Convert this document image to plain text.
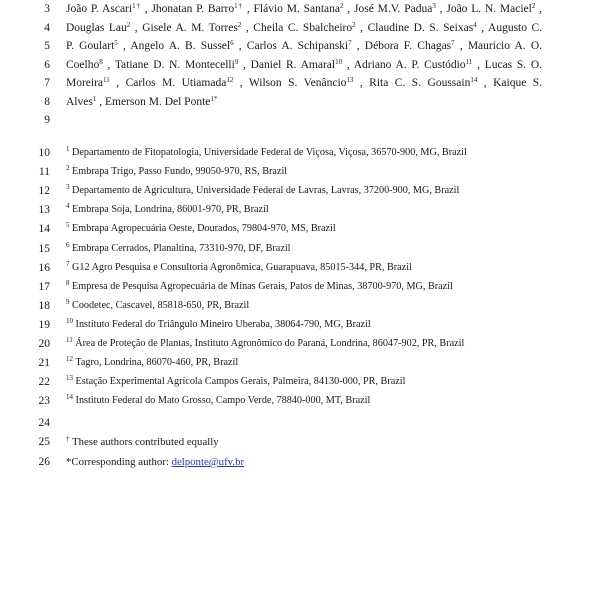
3 João P. Ascari$^{1\dagger}$ , Jhonatan P. Barro$^{1\dagger}$ , Flávio M. Santana$^2$ , José M.V. Padua$^3$ , João L. N. Maciel$^2$ ,
4 Douglas Lau$^2$ , Gisele A. M. Torres$^2$ , Cheila C. Sbalcheiro$^2$ , Claudine D. S. Seixas$^4$ , Augusto C.
5 P. Goulart$^5$ , Angelo A. B. Sussel$^6$ , Carlos A. Schipanski$^7$ , Débora F. Chagas$^7$ , Mauricio A. O.
6 Coelho$^8$ , Tatiane D. N. Montecelli$^9$ , Daniel R. Amaral$^{10}$ , Adriano A. P. Custódio$^{11}$ , Lucas S. O.
7 Moreira$^{11}$ , Carlos M. Utiamada$^{12}$ , Wilson S. Venâncio$^{13}$ , Rita C. S. Goussain$^{14}$ , Kaique S.
8 Alves$^1$ , Emerson M. Del Ponte$^{1*}$
9
24
10 $^1$ Departamento de Fitopatologia, Universidade Federal de Viçosa, Viçosa, 36570-900, MG, Brazil
11 $^2$ Embrapa Trigo, Passo Fundo, 99050-970, RS, Brazil
12 $^3$ Departamento de Agricultura, Universidade Federal de Lavras, Lavras, 37200-900, MG, Brazil
13 $^4$ Embrapa Soja, Londrina, 86001-970, PR, Brazil
14 $^5$ Embrapa Agropecuária Oeste, Dourados, 79804-970, MS, Brazil
15 $^6$ Embrapa Cerrados, Planaltina, 73310-970, DF, Brazil
16 $^7$ G12 Agro Pesquisa e Consultoria Agronômica, Guarapuava, 85015-344, PR, Brazil
17 $^8$ Empresa de Pesquisa Agropecuária de Minas Gerais, Patos de Minas, 38700-970, MG, Brazil
18 $^9$ Coodetec, Cascavel, 85818-650, PR, Brazil
19 $^{10}$ Instituto Federal do Triângulo Mineiro Uberaba, 38064-790, MG, Brazil
20 $^{11}$ Área de Proteção de Plantas, Instituto Agronômico do Paraná, Londrina, 86047-902, PR, Brazil
21 $^{12}$ Tagro, Londrina, 86070-460, PR, Brazil
22 $^{13}$ Estação Experimental Agrícola Campos Gerais, Palmeira, 84130-000, PR, Brazil
23 $^{14}$ Instituto Federal do Mato Grosso, Campo Verde, 78840-000, MT, Brazil
25 † These authors contributed equally
26 *Corresponding author: delponte@ufv.br
